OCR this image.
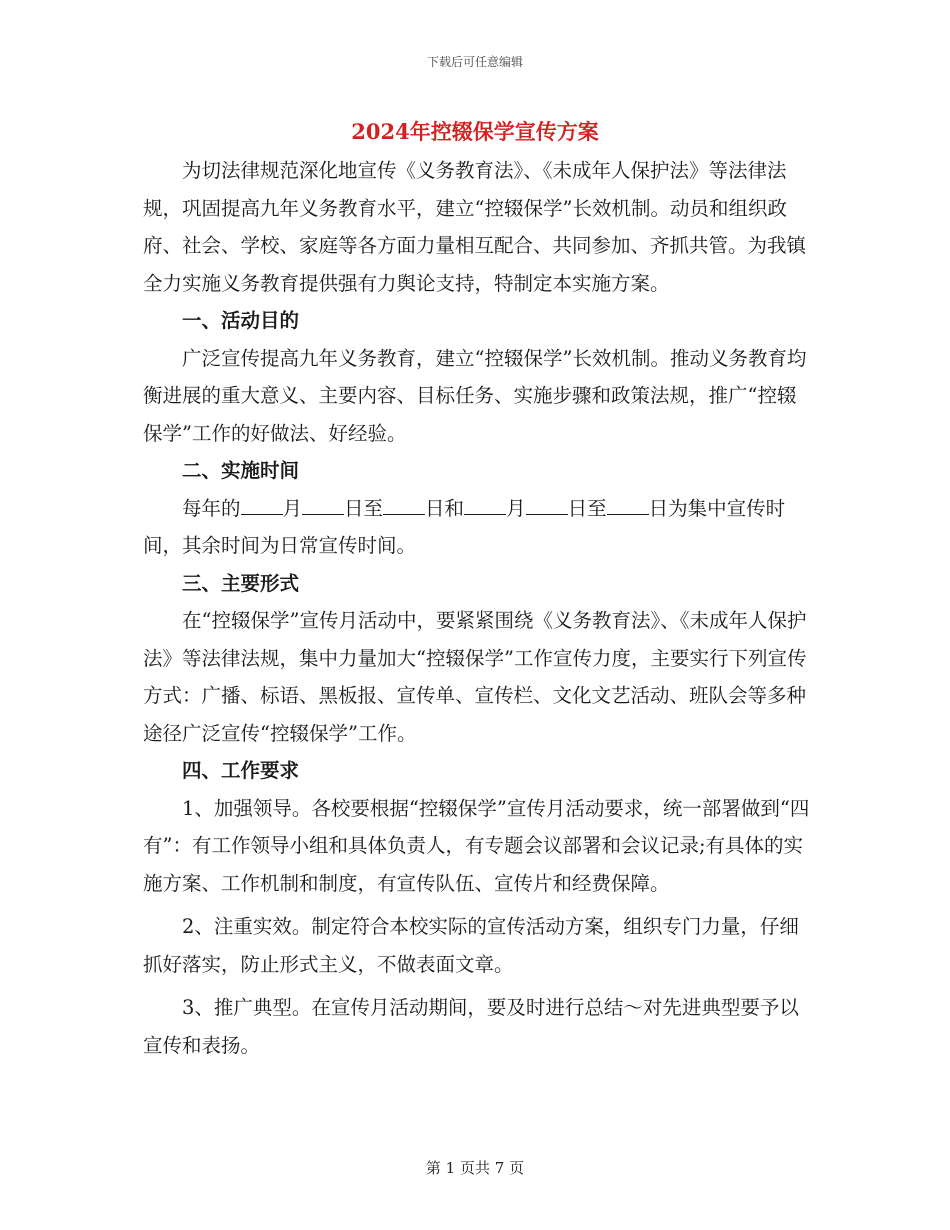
下载后可任意编辑
2024年控辍保学宣传方案

为切法律规范深化地宣传《义务教育法》、《未成年人保护法》等法律法规，巩固提高九年义务教育水平，建立“控辍保学”长效机制。动员和组织政府、社会、学校、家庭等各方面力量相互配合、共同参加、齐抓共管。为我镇全力实施义务教育提供强有力舆论支持，特制定本实施方案。

一、活动目的

广泛宣传提高九年义务教育，建立“控辍保学”长效机制。推动义务教育均衡进展的重大意义、主要内容、目标任务、实施步骤和政策法规，推广“控辍保学”工作的好做法、好经验。

二、实施时间

每年的 月 日至 日和 月 日至 日为集中宣传时间，其余时间为日常宣传时间。

三、主要形式

在“控辍保学”宣传月活动中，要紧紧围绕《义务教育法》、《未成年人保护法》等法律法规，集中力量加大“控辍保学”工作宣传力度，主要实行下列宣传方式：广播、标语、黑板报、宣传单、宣传栏、文化文艺活动、班队会等多种途径广泛宣传“控辍保学”工作。

四、工作要求

1、加强领导。各校要根据“控辍保学”宣传月活动要求，统一部署做到“四有”：有工作领导小组和具体负责人，有专题会议部署和会议记录;有具体的实施方案、工作机制和制度，有宣传队伍、宣传片和经费保障。

2、注重实效。制定符合本校实际的宣传活动方案，组织专门力量，仔细抓好落实，防止形式主义，不做表面文章。

3、推广典型。在宣传月活动期间，要及时进行总结～对先进典型要予以宣传和表扬。

第 1 页共 7 页
